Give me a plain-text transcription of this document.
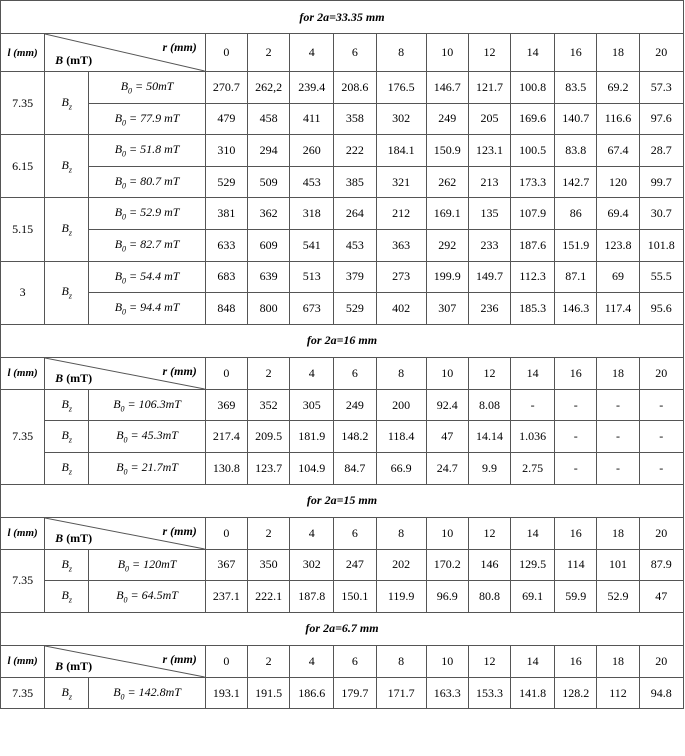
for 2a=33.35 mm													
l (mm)	r (mm)
B (mT)		0	2	4	6	8	10	12	14	16	18	20
7.35	$B_z$	$B_0 = 50mT$	270.7	262,2	239.4	208.6	176.5	146.7	121.7	100.8	83.5	69.2	57.3
		$B_0 = 77.9$ mT	479	458	411	358	302	249	205	169.6	140.7	116.6	97.6
6.15	$B_z$	$B_0 = 51.8$ mT	310	294	260	222	184.1	150.9	123.1	100.5	83.8	67.4	28.7
		$B_0 = 80.7$ mT	529	509	453	385	321	262	213	173.3	142.7	120	99.7
5.15	$B_z$	$B_0 = 52.9$ mT	381	362	318	264	212	169.1	135	107.9	86	69.4	30.7
		$B_0 = 82.7$ mT	633	609	541	453	363	292	233	187.6	151.9	123.8	101.8
3	$B_z$	$B_0 = 54.4$ mT	683	639	513	379	273	199.9	149.7	112.3	87.1	69	55.5
		$B_0 = 94.4$ mT	848	800	673	529	402	307	236	185.3	146.3	117.4	95.6
for 2a=16 mm													
l (mm)	r (mm)
B (mT)		0	2	4	6	8	10	12	14	16	18	20
7.35	$B_z$	$B_0 = 106.3mT$	369	352	305	249	200	92.4	8.08	-	-	-	-
	$B_z$	$B_0 = 45.3mT$	217.4	209.5	181.9	148.2	118.4	47	14.14	1.036	-	-	-
	$B_z$	$B_0 = 21.7mT$	130.8	123.7	104.9	84.7	66.9	24.7	9.9	2.75	-	-	-
for 2a=15 mm													
l (mm)	r (mm)
B (mT)		0	2	4	6	8	10	12	14	16	18	20
7.35	$B_z$	$B_0 = 120mT$	367	350	302	247	202	170.2	146	129.5	114	101	87.9
	$B_z$	$B_0 = 64.5mT$	237.1	222.1	187.8	150.1	119.9	96.9	80.8	69.1	59.9	52.9	47
for 2a=6.7 mm													
l (mm)	r (mm)
B (mT)		0	2	4	6	8	10	12	14	16	18	20
7.35	$B_z$	$B_0 = 142.8mT$	193.1	191.5	186.6	179.7	171.7	163.3	153.3	141.8	128.2	112	94.8
